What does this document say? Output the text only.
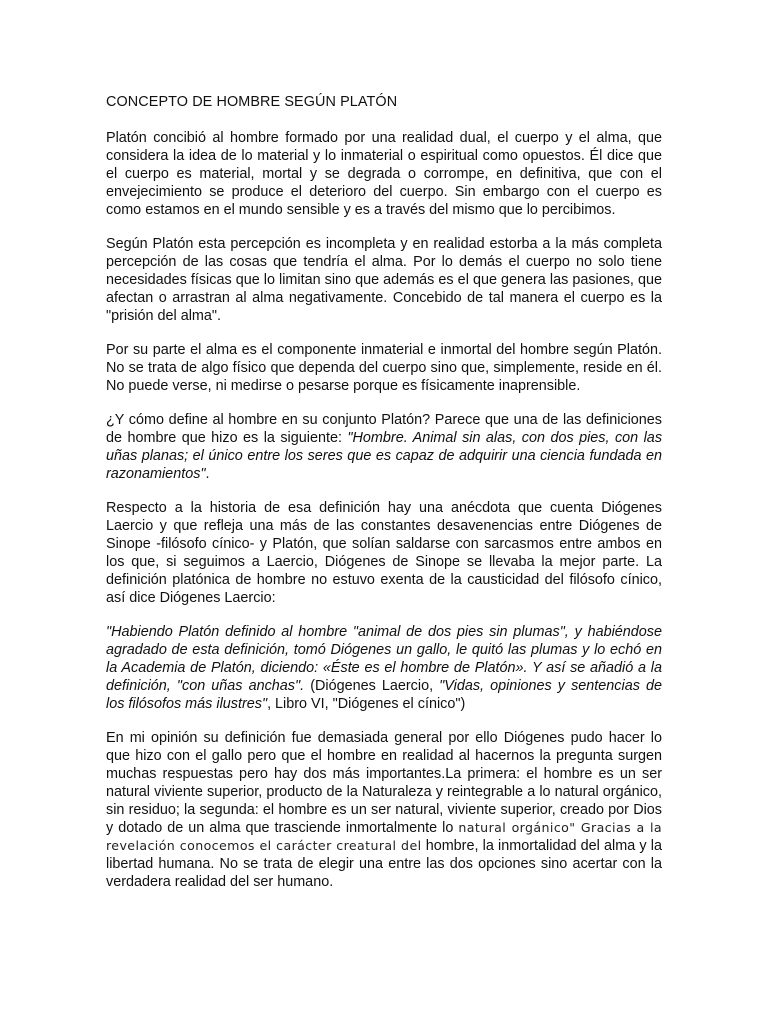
CONCEPTO DE HOMBRE SEGÚN PLATÓN

Platón concibió al hombre formado por una realidad dual, el cuerpo y el alma, que considera la idea de lo material y lo inmaterial o espiritual como opuestos. Él dice que el cuerpo es material, mortal y se degrada o corrompe, en definitiva, que con el envejecimiento se produce el deterioro del cuerpo. Sin embargo con el cuerpo es como estamos en el mundo sensible y es a través del mismo que lo percibimos.

Según Platón esta percepción es incompleta y en realidad estorba a la más completa percepción de las cosas que tendría el alma. Por lo demás el cuerpo no solo tiene necesidades físicas que lo limitan sino que además es el que genera las pasiones, que afectan o arrastran al alma negativamente. Concebido de tal manera el cuerpo es la "prisión del alma".

Por su parte el alma es el componente inmaterial e inmortal del hombre según Platón. No se trata de algo físico que dependa del cuerpo sino que, simplemente, reside en él. No puede verse, ni medirse o pesarse porque es físicamente inaprensible.

¿Y cómo define al hombre en su conjunto Platón? Parece que una de las definiciones de hombre que hizo es la siguiente: "Hombre. Animal sin alas, con dos pies, con las uñas planas; el único entre los seres que es capaz de adquirir una ciencia fundada en razonamientos".

Respecto a la historia de esa definición hay una anécdota que cuenta Diógenes Laercio y que refleja una más de las constantes desavenencias entre Diógenes de Sinope -filósofo cínico- y Platón, que solían saldarse con sarcasmos entre ambos en los que, si seguimos a Laercio, Diógenes de Sinope se llevaba la mejor parte. La definición platónica de hombre no estuvo exenta de la causticidad del filósofo cínico, así dice Diógenes Laercio:

"Habiendo Platón definido al hombre "animal de dos pies sin plumas", y habiéndose agradado de esta definición, tomó Diógenes un gallo, le quitó las plumas y lo echó en la Academia de Platón, diciendo: «Éste es el hombre de Platón». Y así se añadió a la definición, "con uñas anchas". (Diógenes Laercio, "Vidas, opiniones y sentencias de los filósofos más ilustres", Libro VI, "Diógenes el cínico")

En mi opinión su definición fue demasiada general por ello Diógenes pudo hacer lo que hizo con el gallo pero que el hombre en realidad al hacernos la pregunta surgen muchas respuestas pero hay dos más importantes.La primera: el hombre es un ser natural viviente superior, producto de la Naturaleza y reintegrable a lo natural orgánico, sin residuo; la segunda: el hombre es un ser natural, viviente superior, creado por Dios y dotado de un alma que trasciende inmortalmente lo natural orgánico" Gracias a la revelación conocemos el carácter creatural del hombre, la inmortalidad del alma y la libertad humana. No se trata de elegir una entre las dos opciones sino acertar con la verdadera realidad del ser humano.
